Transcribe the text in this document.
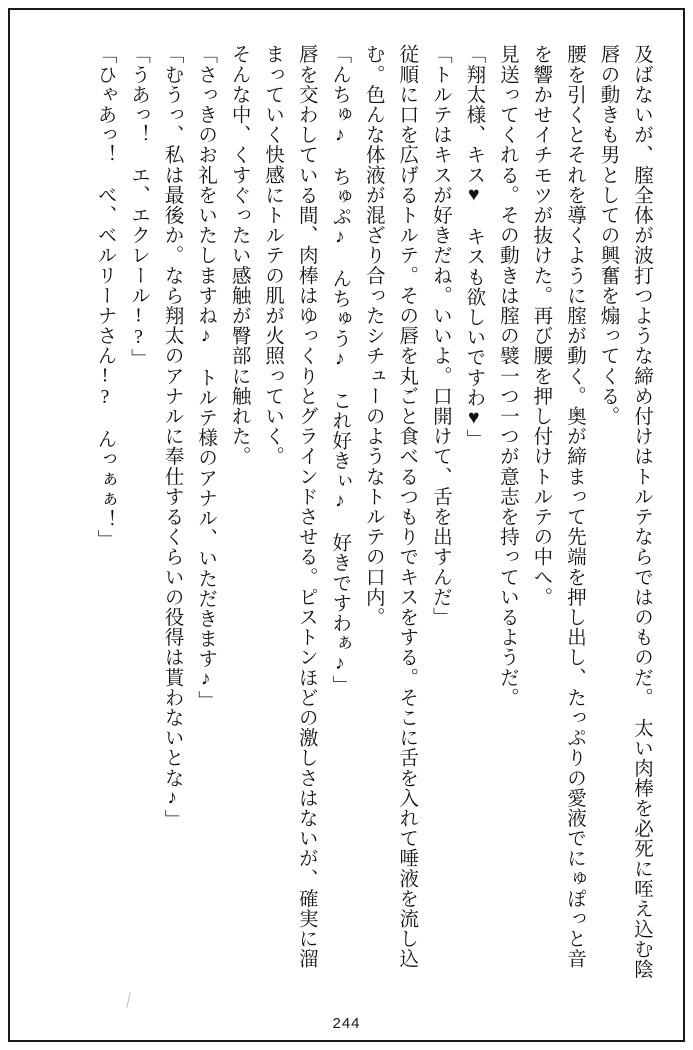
及ばないが、腟全体が波打つような締め付けはトルテならではのものだ。　太い肉棒を必死に咥え込む陰唇の動きも男としての興奮を煽ってくる。

腰を引くとそれを導くように腟が動く。奥が締まって先端を押し出し、たっぷりの愛液でにゅぽっと音を響かせイチモツが抜けた。再び腰を押し付けトルテの中へ。

見送ってくれる。その動きは腟の襞一つ一つが意志を持っているようだ。

「翔太様、キス♥　キスも欲しいですわ♥」

「トルテはキスが好きだね。いいよ。口開けて、舌を出すんだ」

従順に口を広げるトルテ。その唇を丸ごと食べるつもりでキスをする。そこに舌を入れて唾液を流し込む。色んな体液が混ざり合ったシチューのようなトルテの口内。

「んちゅ♪　ちゅぷ♪　んちゅう♪　これ好きぃ♪　好きですわぁ♪」

唇を交わしている間、肉棒はゆっくりとグラインドさせる。ピストンほどの激しさはないが、確実に溜まっていく快感にトルテの肌が火照っていく。

そんな中、くすぐったい感触が臀部に触れた。

「さっきのお礼をいたしますね♪　トルテ様のアナル、いただきます♪」

「むうっ、私は最後か。なら翔太のアナルに奉仕するくらいの役得は貰わないとな♪」

「うあっ！　エ、エクレール!?」

「ひゃあっ！　べ、ベルリーナさん!?　んっぁぁ！」

244
